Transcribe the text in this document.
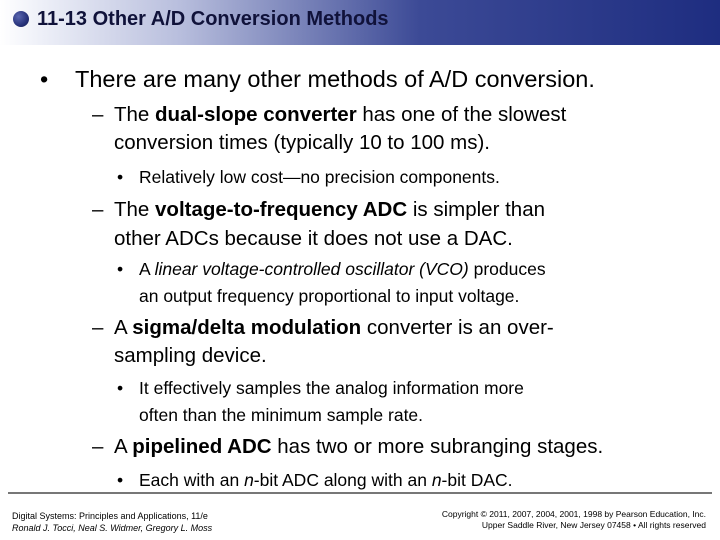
11-13 Other A/D Conversion Methods
• There are many other methods of A/D conversion.
– The dual-slope converter has one of the slowest
conversion times (typically 10 to 100 ms).
• Relatively low cost—no precision components.
– The voltage-to-frequency ADC is simpler than
other ADCs because it does not use a DAC.
• A linear voltage-controlled oscillator (VCO) produces
an output frequency proportional to input voltage.
– A sigma/delta modulation converter is an over-
sampling device.
• It effectively samples the analog information more
often than the minimum sample rate.
– A pipelined ADC has two or more subranging stages.
• Each with an n-bit ADC along with an n-bit DAC.
Digital Systems: Principles and Applications, 11/e
Ronald J. Tocci, Neal S. Widmer, Gregory L. Moss
Copyright © 2011, 2007, 2004, 2001, 1998 by Pearson Education, Inc.
Upper Saddle River, New Jersey 07458 • All rights reserved
